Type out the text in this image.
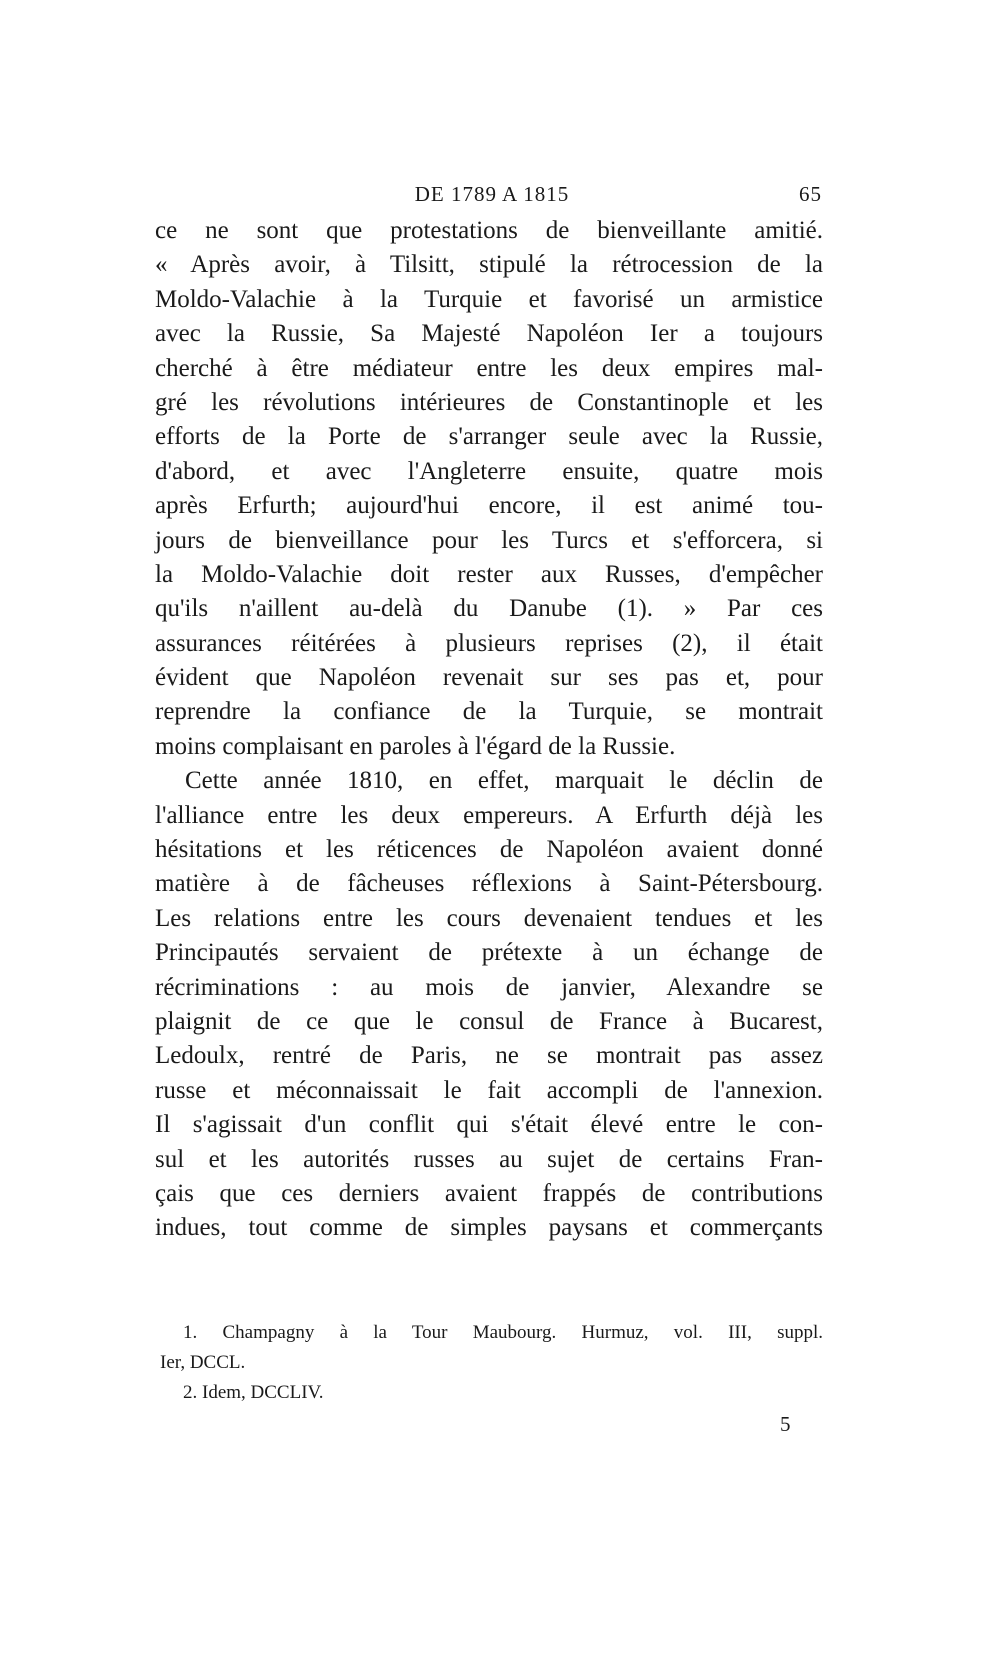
DE 1789 A 1815	65
ce ne sont que protestations de bienveillante amitié.
« Après avoir, à Tilsitt, stipulé la rétrocession de la
Moldo-Valachie à la Turquie et favorisé un armistice
avec la Russie, Sa Majesté Napoléon Ier a toujours
cherché à être médiateur entre les deux empires mal-
gré les révolutions intérieures de Constantinople et les
efforts de la Porte de s'arranger seule avec la Russie,
d'abord, et avec l'Angleterre ensuite, quatre mois
après Erfurth; aujourd'hui encore, il est animé tou-
jours de bienveillance pour les Turcs et s'efforcera, si
la Moldo-Valachie doit rester aux Russes, d'empêcher
qu'ils n'aillent au-delà du Danube (1). » Par ces
assurances réitérées à plusieurs reprises (2), il était
évident que Napoléon revenait sur ses pas et, pour
reprendre la confiance de la Turquie, se montrait
moins complaisant en paroles à l'égard de la Russie.
Cette année 1810, en effet, marquait le déclin de
l'alliance entre les deux empereurs. A Erfurth déjà les
hésitations et les réticences de Napoléon avaient donné
matière à de fâcheuses réflexions à Saint-Pétersbourg.
Les relations entre les cours devenaient tendues et les
Principautés servaient de prétexte à un échange de
récriminations : au mois de janvier, Alexandre se
plaignit de ce que le consul de France à Bucarest,
Ledoulx, rentré de Paris, ne se montrait pas assez
russe et méconnaissait le fait accompli de l'annexion.
Il s'agissait d'un conflit qui s'était élevé entre le con-
sul et les autorités russes au sujet de certains Fran-
çais que ces derniers avaient frappés de contributions
indues, tout comme de simples paysans et commerçants
1. Champagny à la Tour Maubourg. Hurmuz, vol. III, suppl.
Ier, DCCL.
2. Idem, DCCLIV.
5
